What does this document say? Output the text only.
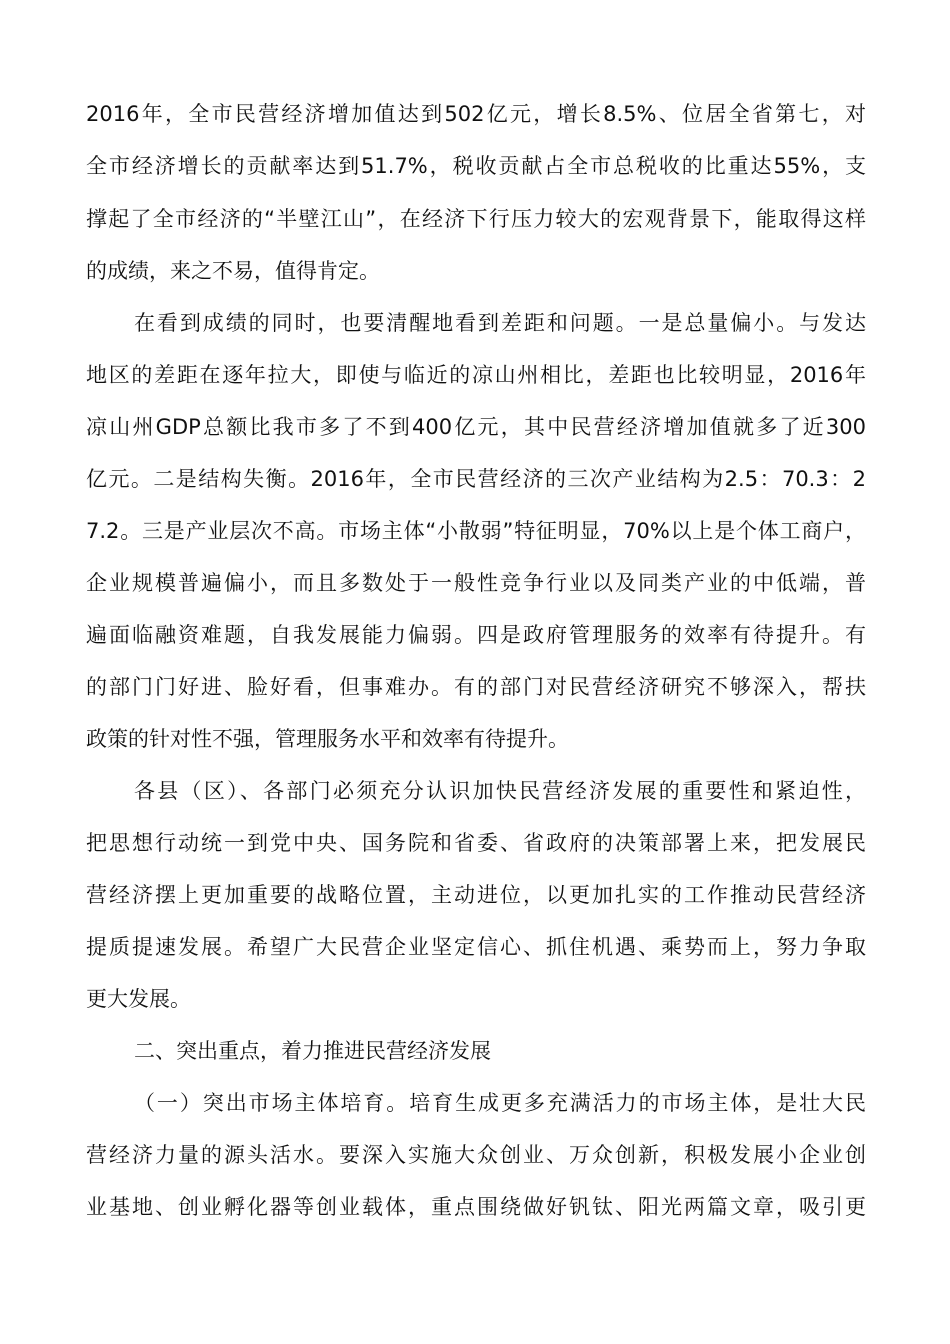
2016年，全市民营经济增加值达到502亿元，增长8.5%、位居全省第七，对
全市经济增长的贡献率达到51.7%，税收贡献占全市总税收的比重达55%，支
撑起了全市经济的“半壁江山”，在经济下行压力较大的宏观背景下，能取得这样
的成绩，来之不易，值得肯定。
在看到成绩的同时，也要清醒地看到差距和问题。一是总量偏小。与发达
地区的差距在逐年拉大，即使与临近的凉山州相比，差距也比较明显，2016年
凉山州GDP总额比我市多了不到400亿元，其中民营经济增加值就多了近300
亿元。二是结构失衡。2016年，全市民营经济的三次产业结构为2.5：70.3：2
7.2。三是产业层次不高。市场主体“小散弱”特征明显，70%以上是个体工商户，
企业规模普遍偏小，而且多数处于一般性竞争行业以及同类产业的中低端，普
遍面临融资难题，自我发展能力偏弱。四是政府管理服务的效率有待提升。有
的部门门好进、脸好看，但事难办。有的部门对民营经济研究不够深入，帮扶
政策的针对性不强，管理服务水平和效率有待提升。
各县（区）、各部门必须充分认识加快民营经济发展的重要性和紧迫性，
把思想行动统一到党中央、国务院和省委、省政府的决策部署上来，把发展民
营经济摆上更加重要的战略位置，主动进位，以更加扎实的工作推动民营经济
提质提速发展。希望广大民营企业坚定信心、抓住机遇、乘势而上，努力争取
更大发展。
二、突出重点，着力推进民营经济发展
（一）突出市场主体培育。培育生成更多充满活力的市场主体，是壮大民
营经济力量的源头活水。要深入实施大众创业、万众创新，积极发展小企业创
业基地、创业孵化器等创业载体，重点围绕做好钒钛、阳光两篇文章，吸引更
